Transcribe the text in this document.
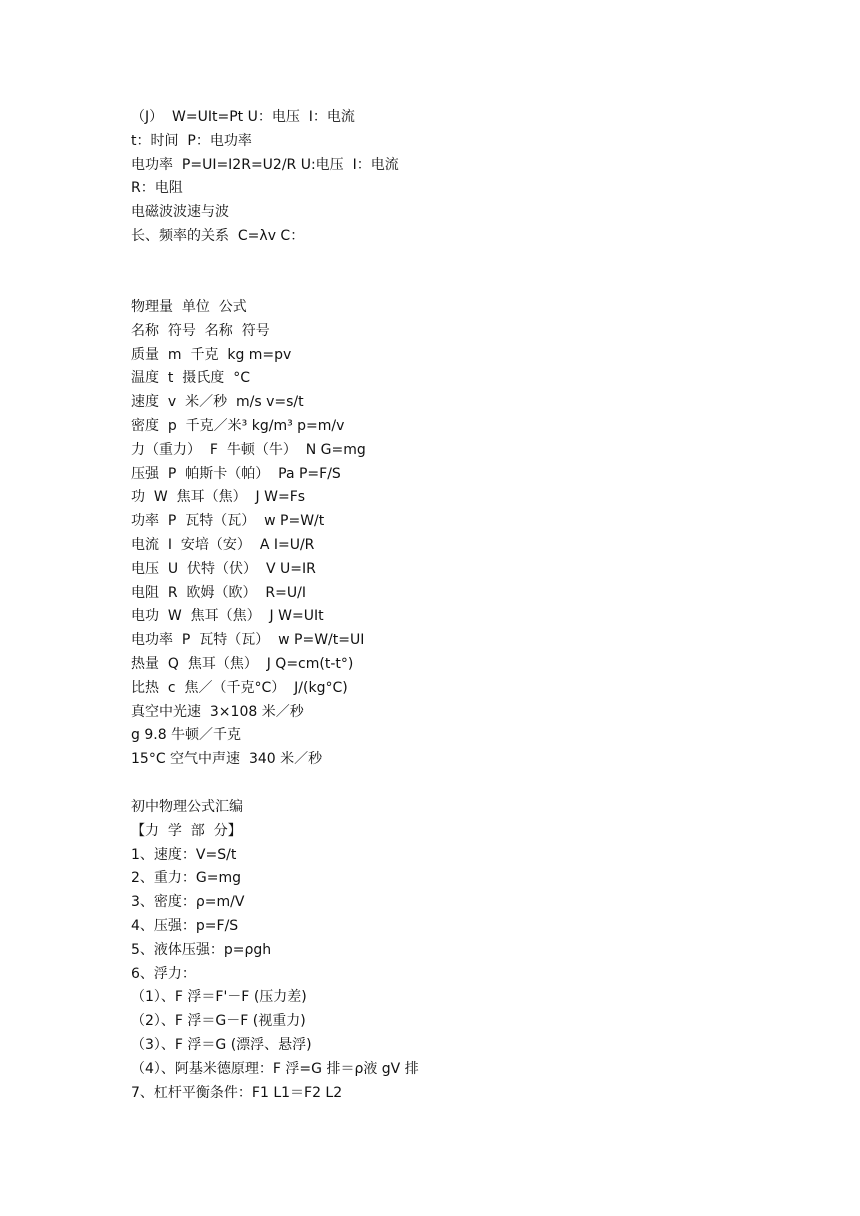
（J）  W=UIt=Pt U：电压  I：电流

t：时间  P：电功率

电功率  P=UI=I2R=U2/R U:电压  I：电流

R：电阻

电磁波波速与波

长、频率的关系  C=λv C：

物理量  单位  公式

名称  符号  名称  符号

质量  m  千克  kg m=pv

温度  t  摄氏度  °C

速度  v  米／秒  m/s v=s/t

密度  p  千克／米³ kg/m³ p=m/v

力（重力）  F  牛顿（牛）  N G=mg

压强  P  帕斯卡（帕）  Pa P=F/S

功  W  焦耳（焦）  J W=Fs

功率  P  瓦特（瓦）  w P=W/t

电流  I  安培（安）  A I=U/R

电压  U  伏特（伏）  V U=IR

电阻  R  欧姆（欧）  R=U/I

电功  W  焦耳（焦）  J W=UIt

电功率  P  瓦特（瓦）  w P=W/t=UI

热量  Q  焦耳（焦）  J Q=cm(t-t°)

比热  c  焦／（千克°C）  J/(kg°C)

真空中光速  3×108 米／秒

g 9.8 牛顿／千克

15°C 空气中声速  340 米／秒

初中物理公式汇编

【力  学  部  分】

1、速度：V=S/t

2、重力：G=mg

3、密度：ρ=m/V

4、压强：p=F/S

5、液体压强：p=ρgh

6、浮力：

（1）、F 浮＝F'－F (压力差)

（2）、F 浮＝G－F (视重力)

（3）、F 浮＝G (漂浮、悬浮)

（4）、阿基米德原理：F 浮=G 排＝ρ液 gV 排

7、杠杆平衡条件：F1 L1＝F2 L2
